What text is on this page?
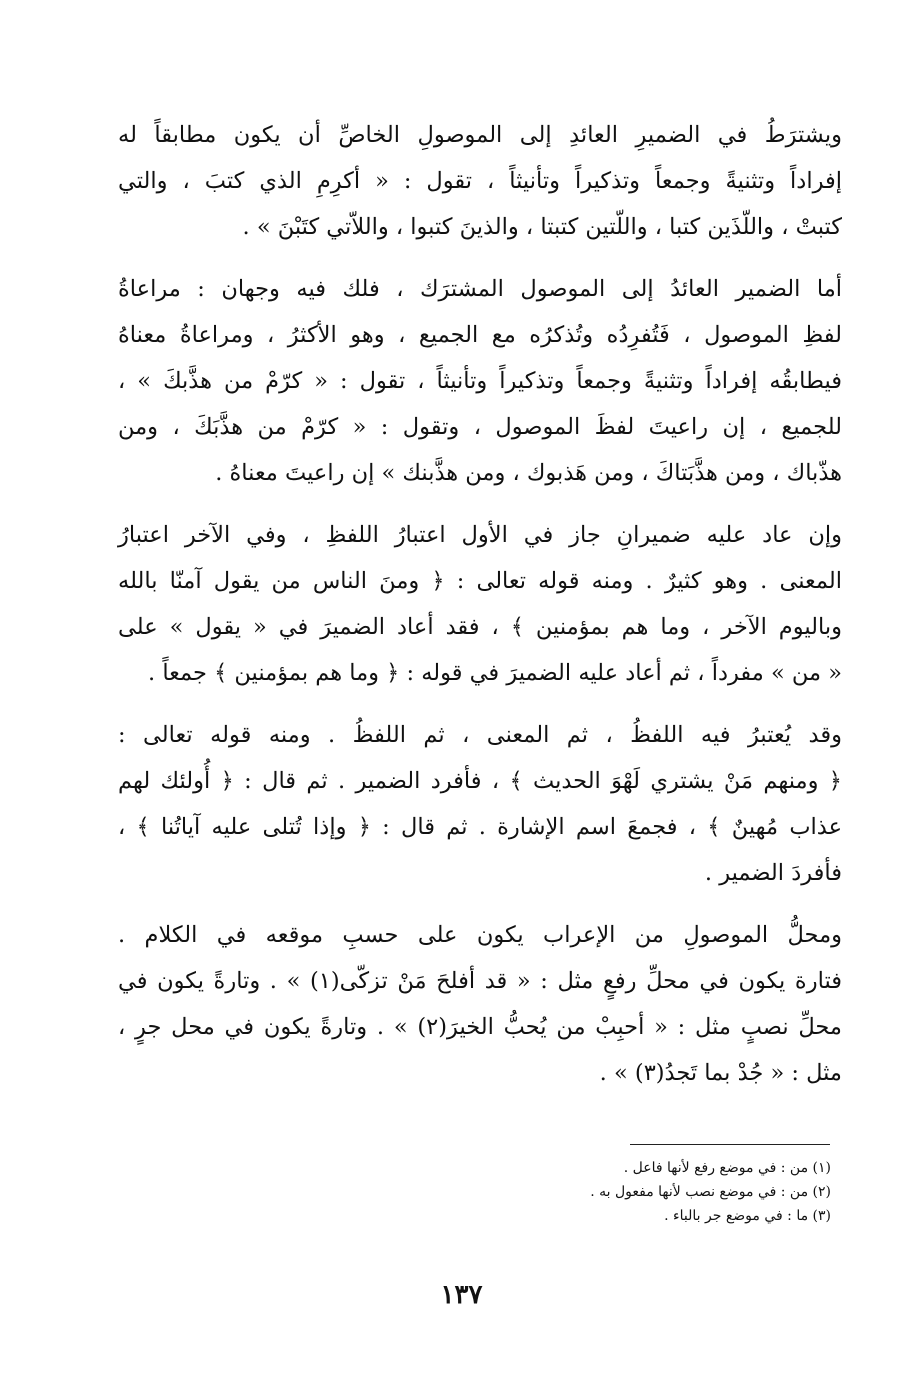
ويشترَطُ في الضميرِ العائدِ إلى الموصولِ الخاصِّ أن يكون مطابقاً له
إفراداً وتثنيةً وجمعاً وتذكيراً وتأنيثاً ، تقول : « أكرِمِ الذي كتبَ ، والتي
كتبتْ ، واللّذَين كتبا ، واللّتين كتبتا ، والذينَ كتبوا ، واللاّتي كتَبْنَ » .
أما الضمير العائدُ إلى الموصول المشترَك ، فلك فيه وجهان : مراعاةُ
لفظِ الموصول ، فَتُفرِدُه وتُذكرُه مع الجميع ، وهو الأكثرُ ، ومراعاةُ معناهُ
فيطابقُه إفراداً وتثنيةً وجمعاً وتذكيراً وتأنيثاً ، تقول : « كرّمْ من هذَّبكَ » ،
للجميع ، إن راعيتَ لفظَ الموصول ، وتقول : « كرّمْ من هذَّبَكَ ، ومن
هذّباك ، ومن هذَّبَتاكَ ، ومن هَذبوك ، ومن هذَّبنك » إن راعيتَ معناهُ .
وإن عاد عليه ضميرانِ جاز في الأول اعتبارُ اللفظِ ، وفي الآخر اعتبارُ
المعنى . وهو كثيرٌ . ومنه قوله تعالى : ﴿ ومنَ الناس من يقول آمنّا بالله
وباليوم الآخر ، وما هم بمؤمنين ﴾ ، فقد أعاد الضميرَ في « يقول » على
« من » مفرداً ، ثم أعاد عليه الضميرَ في قوله : ﴿ وما هم بمؤمنين ﴾ جمعاً .
وقد يُعتبرُ فيه اللفظُ ، ثم المعنى ، ثم اللفظُ . ومنه قوله تعالى :
﴿ ومنهم مَنْ يشتري لَهْوَ الحديث ﴾ ، فأفرد الضمير . ثم قال : ﴿ أُولئك لهم
عذاب مُهينٌ ﴾ ، فجمعَ اسم الإشارة . ثم قال : ﴿ وإذا تُتلى عليه آياتُنا ﴾ ،
فأفردَ الضمير .
ومحلُّ الموصولِ من الإعراب يكون على حسبِ موقعه في الكلام .
فتارة يكون في محلِّ رفعٍ مثل : « قد أفلحَ مَنْ تزكّى(١) » . وتارةً يكون في
محلِّ نصبٍ مثل : « أحبِبْ من يُحبُّ الخيرَ(٢) » . وتارةً يكون في محل جرٍ ،
مثل : « جُدْ بما تَجدُ(٣) » .
(١) من : في موضع رفع لأنها فاعل .
(٢) من : في موضع نصب لأنها مفعول به .
(٣) ما : في موضع جر بالباء .
١٣٧
